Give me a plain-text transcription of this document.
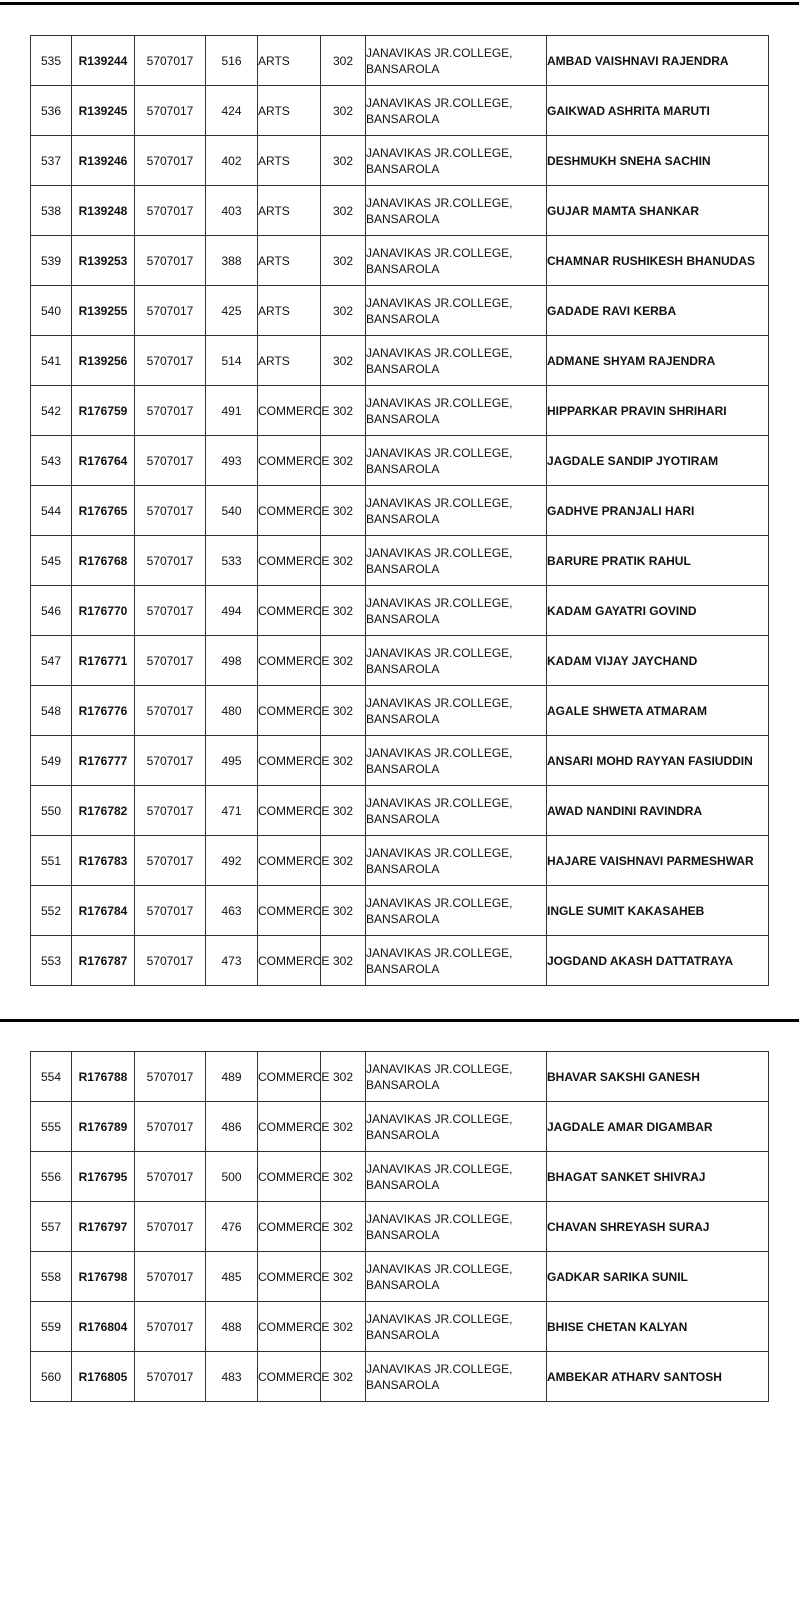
535	R139244	5707017	516	ARTS	302	JANAVIKAS JR.COLLEGE,
BANSAROLA	AMBAD VAISHNAVI RAJENDRA
536	R139245	5707017	424	ARTS	302	JANAVIKAS JR.COLLEGE,
BANSAROLA	GAIKWAD ASHRITA MARUTI
537	R139246	5707017	402	ARTS	302	JANAVIKAS JR.COLLEGE,
BANSAROLA	DESHMUKH SNEHA SACHIN
538	R139248	5707017	403	ARTS	302	JANAVIKAS JR.COLLEGE,
BANSAROLA	GUJAR MAMTA SHANKAR
539	R139253	5707017	388	ARTS	302	JANAVIKAS JR.COLLEGE,
BANSAROLA	CHAMNAR RUSHIKESH BHANUDAS
540	R139255	5707017	425	ARTS	302	JANAVIKAS JR.COLLEGE,
BANSAROLA	GADADE RAVI KERBA
541	R139256	5707017	514	ARTS	302	JANAVIKAS JR.COLLEGE,
BANSAROLA	ADMANE SHYAM RAJENDRA
542	R176759	5707017	491	COMMERCE	302	JANAVIKAS JR.COLLEGE,
BANSAROLA	HIPPARKAR PRAVIN SHRIHARI
543	R176764	5707017	493	COMMERCE	302	JANAVIKAS JR.COLLEGE,
BANSAROLA	JAGDALE SANDIP JYOTIRAM
544	R176765	5707017	540	COMMERCE	302	JANAVIKAS JR.COLLEGE,
BANSAROLA	GADHVE PRANJALI HARI
545	R176768	5707017	533	COMMERCE	302	JANAVIKAS JR.COLLEGE,
BANSAROLA	BARURE PRATIK RAHUL
546	R176770	5707017	494	COMMERCE	302	JANAVIKAS JR.COLLEGE,
BANSAROLA	KADAM GAYATRI GOVIND
547	R176771	5707017	498	COMMERCE	302	JANAVIKAS JR.COLLEGE,
BANSAROLA	KADAM VIJAY JAYCHAND
548	R176776	5707017	480	COMMERCE	302	JANAVIKAS JR.COLLEGE,
BANSAROLA	AGALE SHWETA ATMARAM
549	R176777	5707017	495	COMMERCE	302	JANAVIKAS JR.COLLEGE,
BANSAROLA	ANSARI MOHD RAYYAN FASIUDDIN
550	R176782	5707017	471	COMMERCE	302	JANAVIKAS JR.COLLEGE,
BANSAROLA	AWAD NANDINI RAVINDRA
551	R176783	5707017	492	COMMERCE	302	JANAVIKAS JR.COLLEGE,
BANSAROLA	HAJARE VAISHNAVI PARMESHWAR
552	R176784	5707017	463	COMMERCE	302	JANAVIKAS JR.COLLEGE,
BANSAROLA	INGLE SUMIT KAKASAHEB
553	R176787	5707017	473	COMMERCE	302	JANAVIKAS JR.COLLEGE,
BANSAROLA	JOGDAND AKASH DATTATRAYA
554	R176788	5707017	489	COMMERCE	302	JANAVIKAS JR.COLLEGE,
BANSAROLA	BHAVAR SAKSHI GANESH
555	R176789	5707017	486	COMMERCE	302	JANAVIKAS JR.COLLEGE,
BANSAROLA	JAGDALE AMAR DIGAMBAR
556	R176795	5707017	500	COMMERCE	302	JANAVIKAS JR.COLLEGE,
BANSAROLA	BHAGAT SANKET SHIVRAJ
557	R176797	5707017	476	COMMERCE	302	JANAVIKAS JR.COLLEGE,
BANSAROLA	CHAVAN SHREYASH SURAJ
558	R176798	5707017	485	COMMERCE	302	JANAVIKAS JR.COLLEGE,
BANSAROLA	GADKAR SARIKA SUNIL
559	R176804	5707017	488	COMMERCE	302	JANAVIKAS JR.COLLEGE,
BANSAROLA	BHISE CHETAN KALYAN
560	R176805	5707017	483	COMMERCE	302	JANAVIKAS JR.COLLEGE,
BANSAROLA	AMBEKAR ATHARV SANTOSH
